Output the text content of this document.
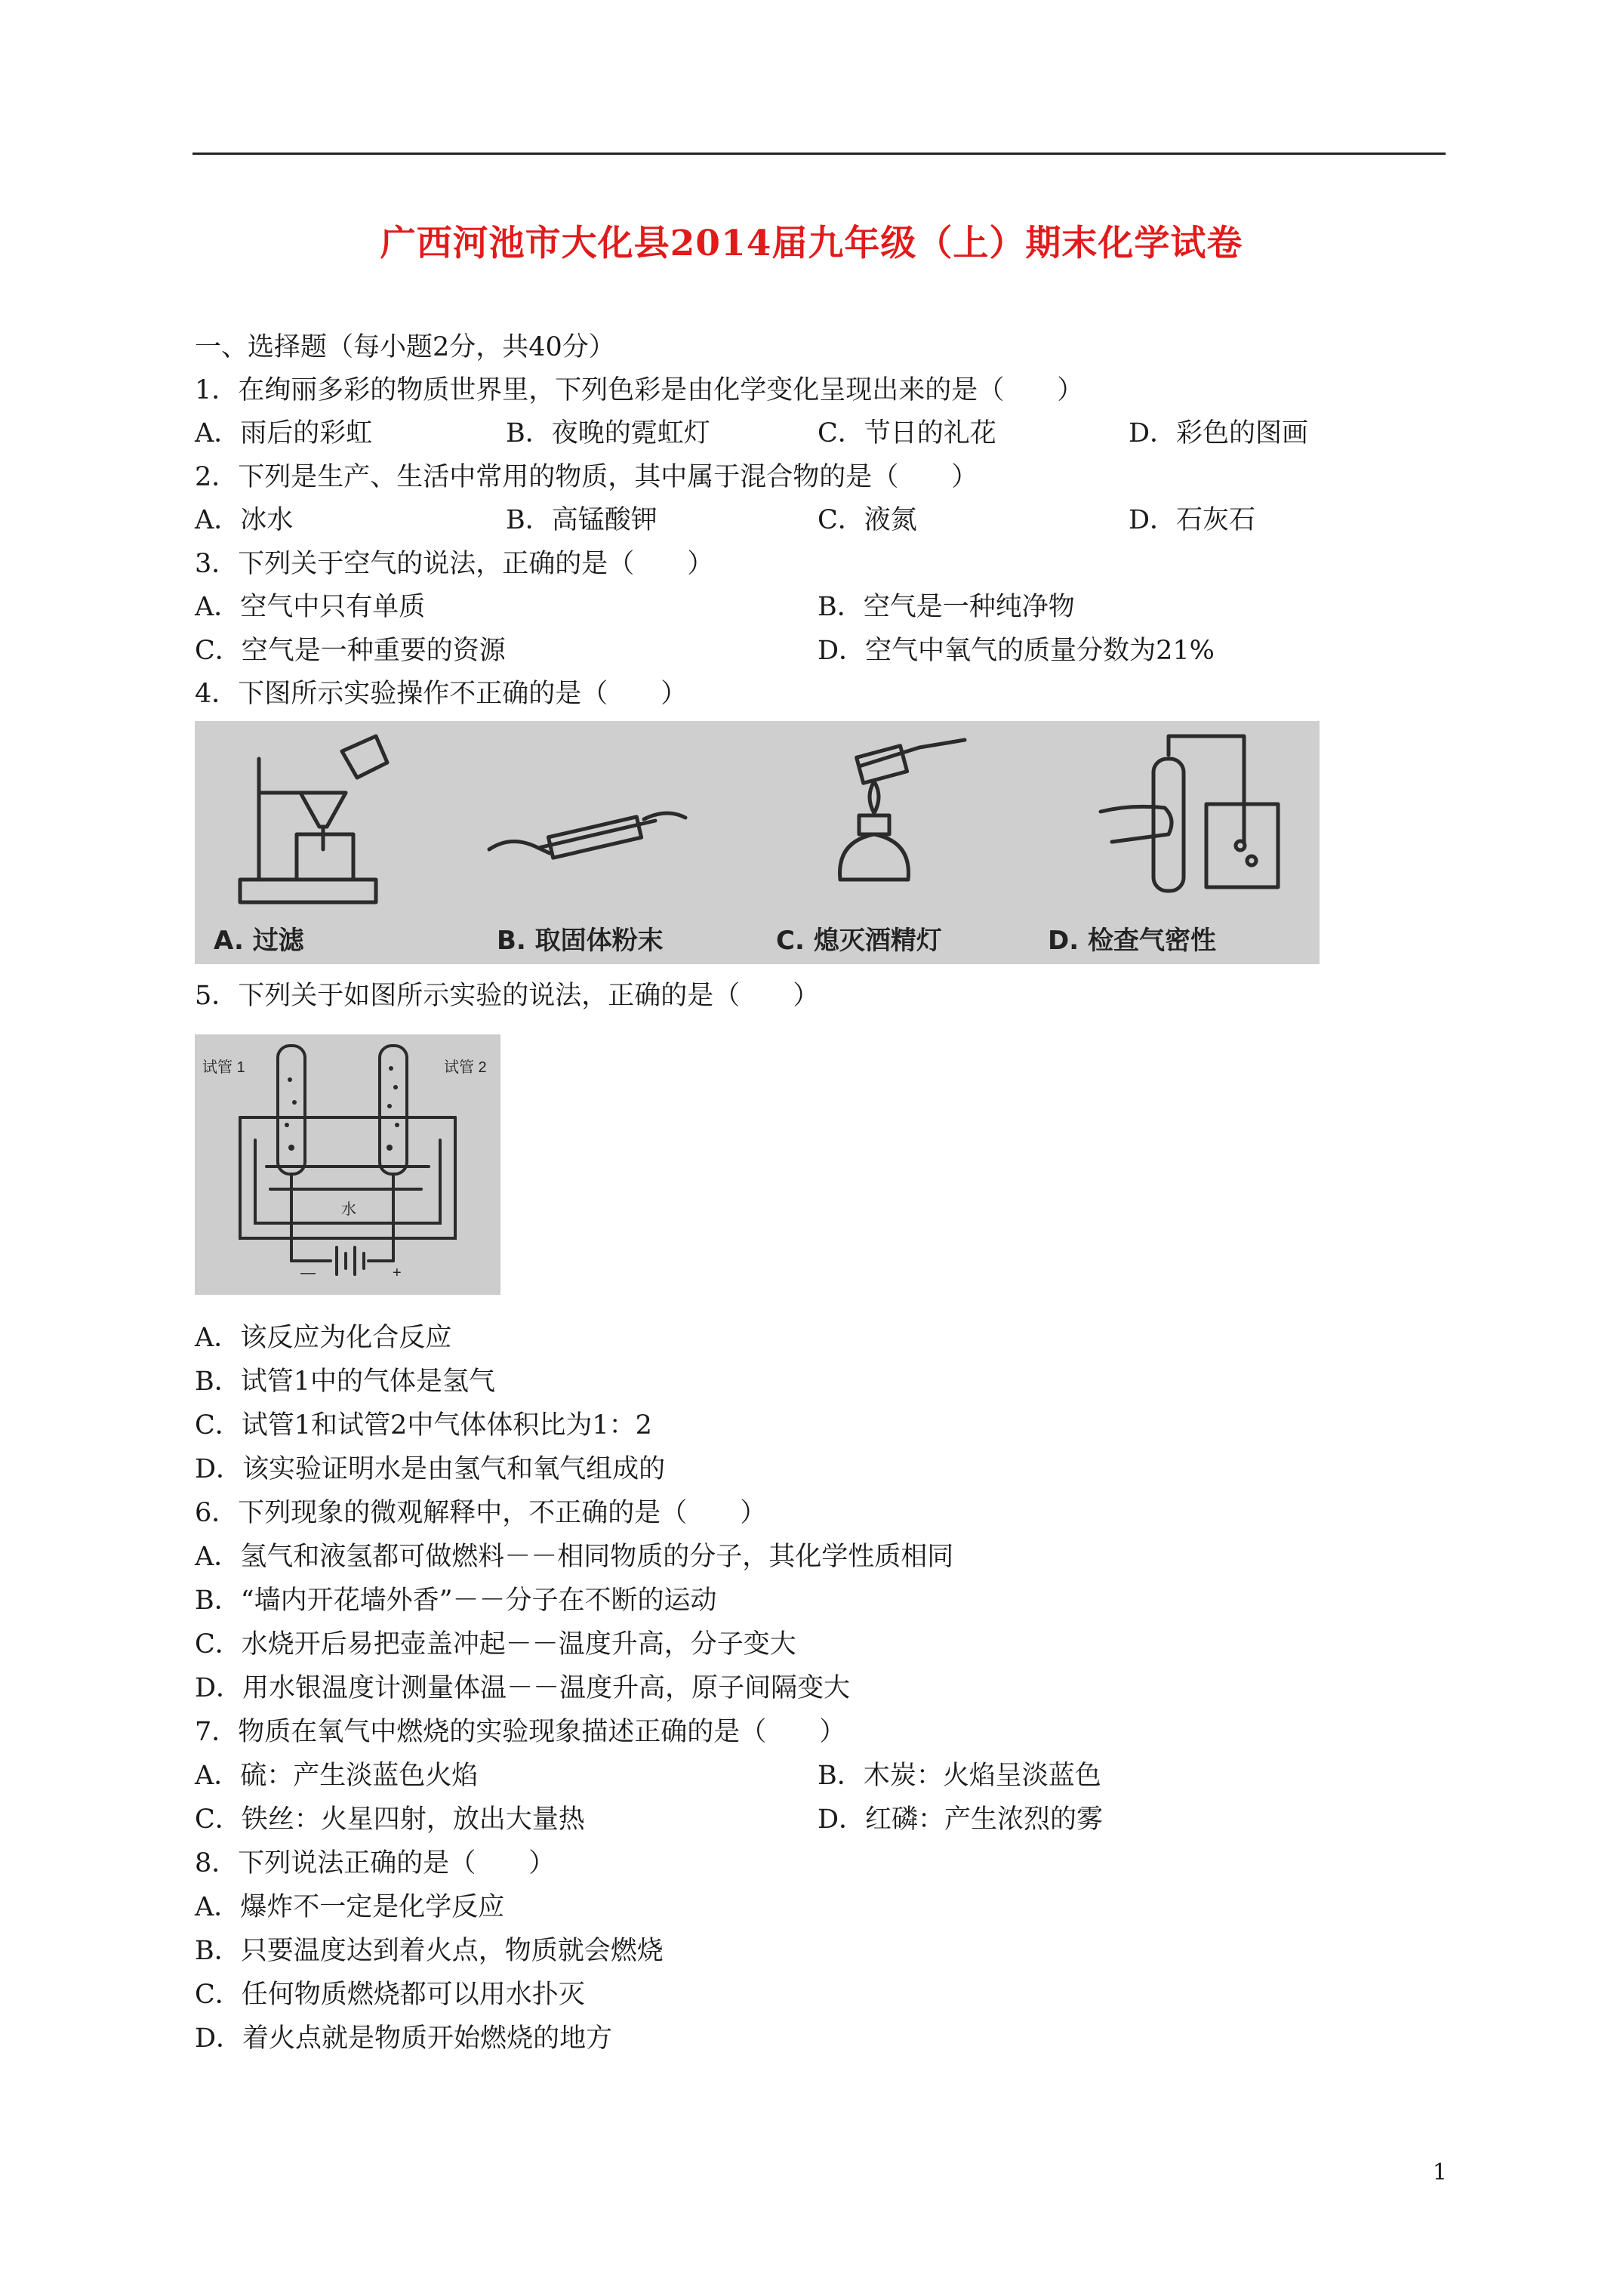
广西河池市大化县2014届九年级（上）期末化学试卷
一、选择题（每小题2分，共40分）
1．在绚丽多彩的物质世界里，下列色彩是由化学变化呈现出来的是（　　）
A．雨后的彩虹	B．夜晚的霓虹灯	C．节日的礼花	D．彩色的图画
2．下列是生产、生活中常用的物质，其中属于混合物的是（　　）
A．冰水	B．高锰酸钾	C．液氮	D．石灰石
3．下列关于空气的说法，正确的是（　　）
A．空气中只有单质	B．空气是一种纯净物
C．空气是一种重要的资源	D．空气中氧气的质量分数为21%
4．下图所示实验操作不正确的是（　　）
A. 过滤	B. 取固体粉末	C. 熄灭酒精灯	D. 检查气密性
5．下列关于如图所示实验的说法，正确的是（　　）
试管 1	试管 2
水
—	+
A．该反应为化合反应
B．试管1中的气体是氢气
C．试管1和试管2中气体体积比为1：2
D．该实验证明水是由氢气和氧气组成的
6．下列现象的微观解释中，不正确的是（　　）
A．氢气和液氢都可做燃料－－相同物质的分子，其化学性质相同
B．“墙内开花墙外香”－－分子在不断的运动
C．水烧开后易把壶盖冲起－－温度升高，分子变大
D．用水银温度计测量体温－－温度升高，原子间隔变大
7．物质在氧气中燃烧的实验现象描述正确的是（　　）
A．硫：产生淡蓝色火焰	B．木炭：火焰呈淡蓝色
C．铁丝：火星四射，放出大量热	D．红磷：产生浓烈的雾
8．下列说法正确的是（　　）
A．爆炸不一定是化学反应
B．只要温度达到着火点，物质就会燃烧
C．任何物质燃烧都可以用水扑灭
D．着火点就是物质开始燃烧的地方
1
